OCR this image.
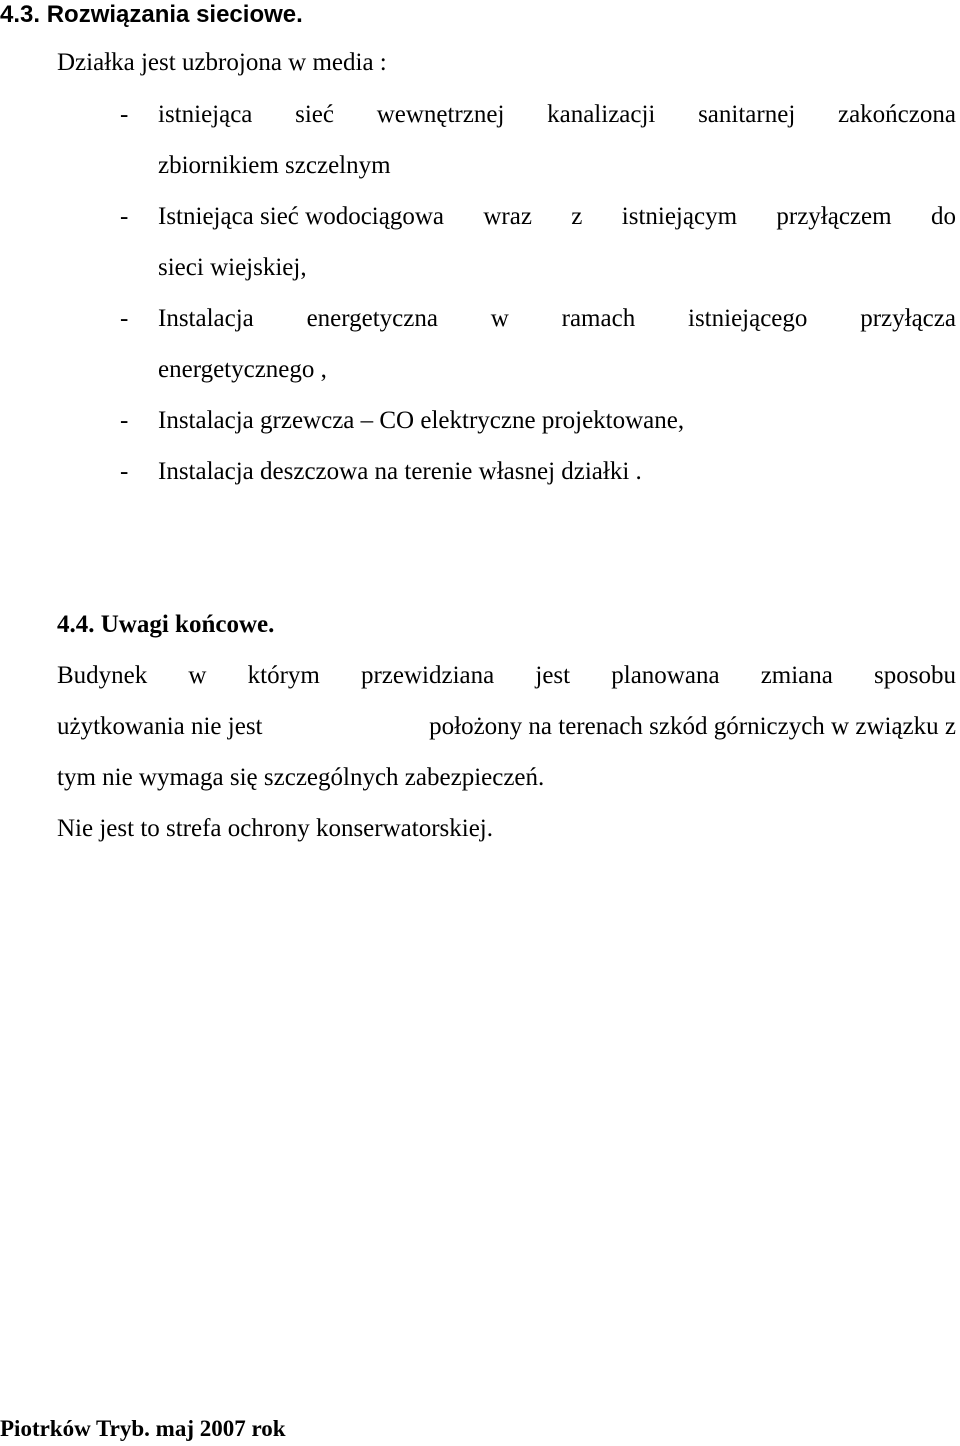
4.3. Rozwiązania sieciowe.
Działka jest uzbrojona w media :
-	istniejąca sieć wewnętrznej kanalizacji sanitarnej zakończona
zbiornikiem szczelnym
-	Istniejąca sieć wodociągowa wraz z istniejącym przyłączem do
sieci wiejskiej,
-	Instalacja energetyczna w ramach istniejącego przyłącza
energetycznego ,
-	Instalacja grzewcza – CO elektryczne projektowane,
-	Instalacja deszczowa na terenie własnej działki .
4.4. Uwagi końcowe.
Budynek w którym przewidziana jest planowana zmiana sposobu
użytkowania nie jest	położony na terenach szkód górniczych w związku z
tym nie wymaga się szczególnych zabezpieczeń.
Nie jest to strefa ochrony konserwatorskiej.
Piotrków Tryb. maj 2007 rok
